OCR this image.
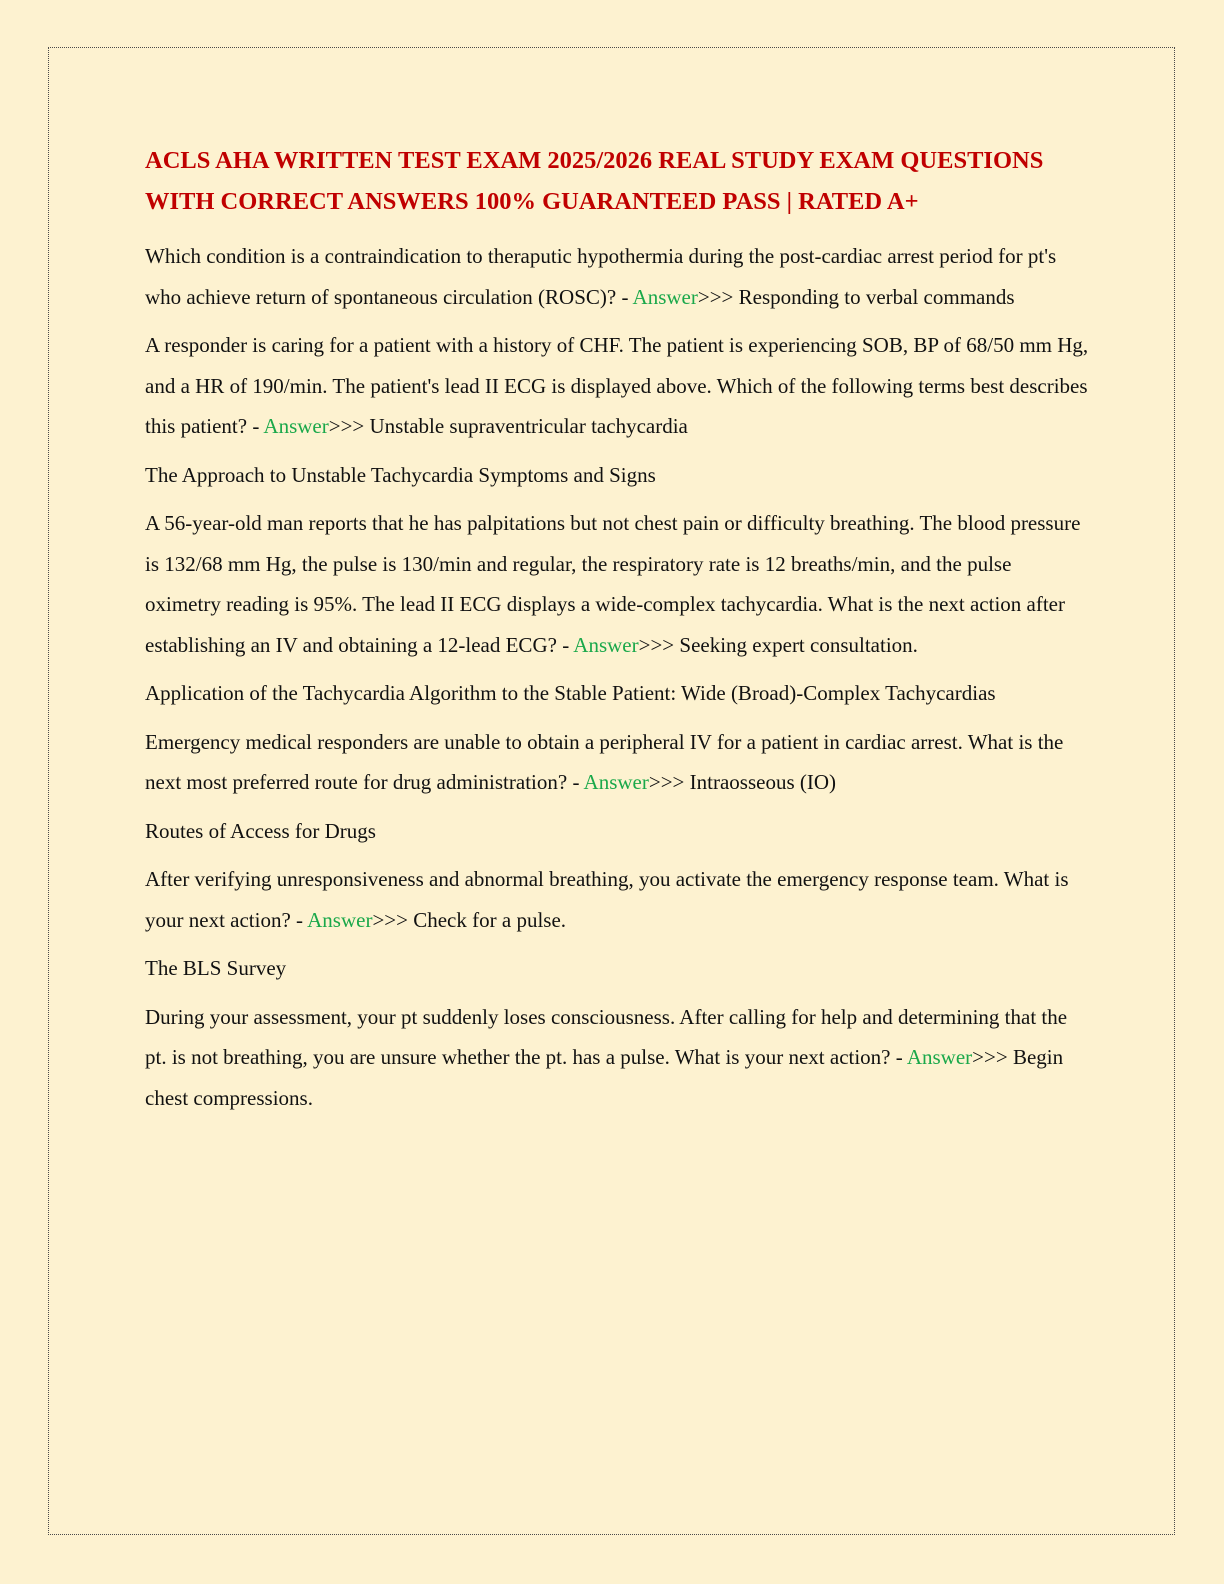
ACLS AHA WRITTEN TEST EXAM 2025/2026 REAL STUDY EXAM QUESTIONS WITH CORRECT ANSWERS 100% GUARANTEED PASS | RATED A+

Which condition is a contraindication to theraputic hypothermia during the post-cardiac arrest period for pt's who achieve return of spontaneous circulation (ROSC)? - Answer>>> Responding to verbal commands

A responder is caring for a patient with a history of CHF. The patient is experiencing SOB, BP of 68/50 mm Hg, and a HR of 190/min. The patient's lead II ECG is displayed above. Which of the following terms best describes this patient? - Answer>>> Unstable supraventricular tachycardia

The Approach to Unstable Tachycardia Symptoms and Signs

A 56-year-old man reports that he has palpitations but not chest pain or difficulty breathing. The blood pressure is 132/68 mm Hg, the pulse is 130/min and regular, the respiratory rate is 12 breaths/min, and the pulse oximetry reading is 95%. The lead II ECG displays a wide-complex tachycardia. What is the next action after establishing an IV and obtaining a 12-lead ECG? - Answer>>> Seeking expert consultation.

Application of the Tachycardia Algorithm to the Stable Patient: Wide (Broad)-Complex Tachycardias

Emergency medical responders are unable to obtain a peripheral IV for a patient in cardiac arrest. What is the next most preferred route for drug administration? - Answer>>> Intraosseous (IO)

Routes of Access for Drugs

After verifying unresponsiveness and abnormal breathing, you activate the emergency response team. What is your next action? - Answer>>> Check for a pulse.

The BLS Survey

During your assessment, your pt suddenly loses consciousness. After calling for help and determining that the pt. is not breathing, you are unsure whether the pt. has a pulse. What is your next action? - Answer>>> Begin chest compressions.
